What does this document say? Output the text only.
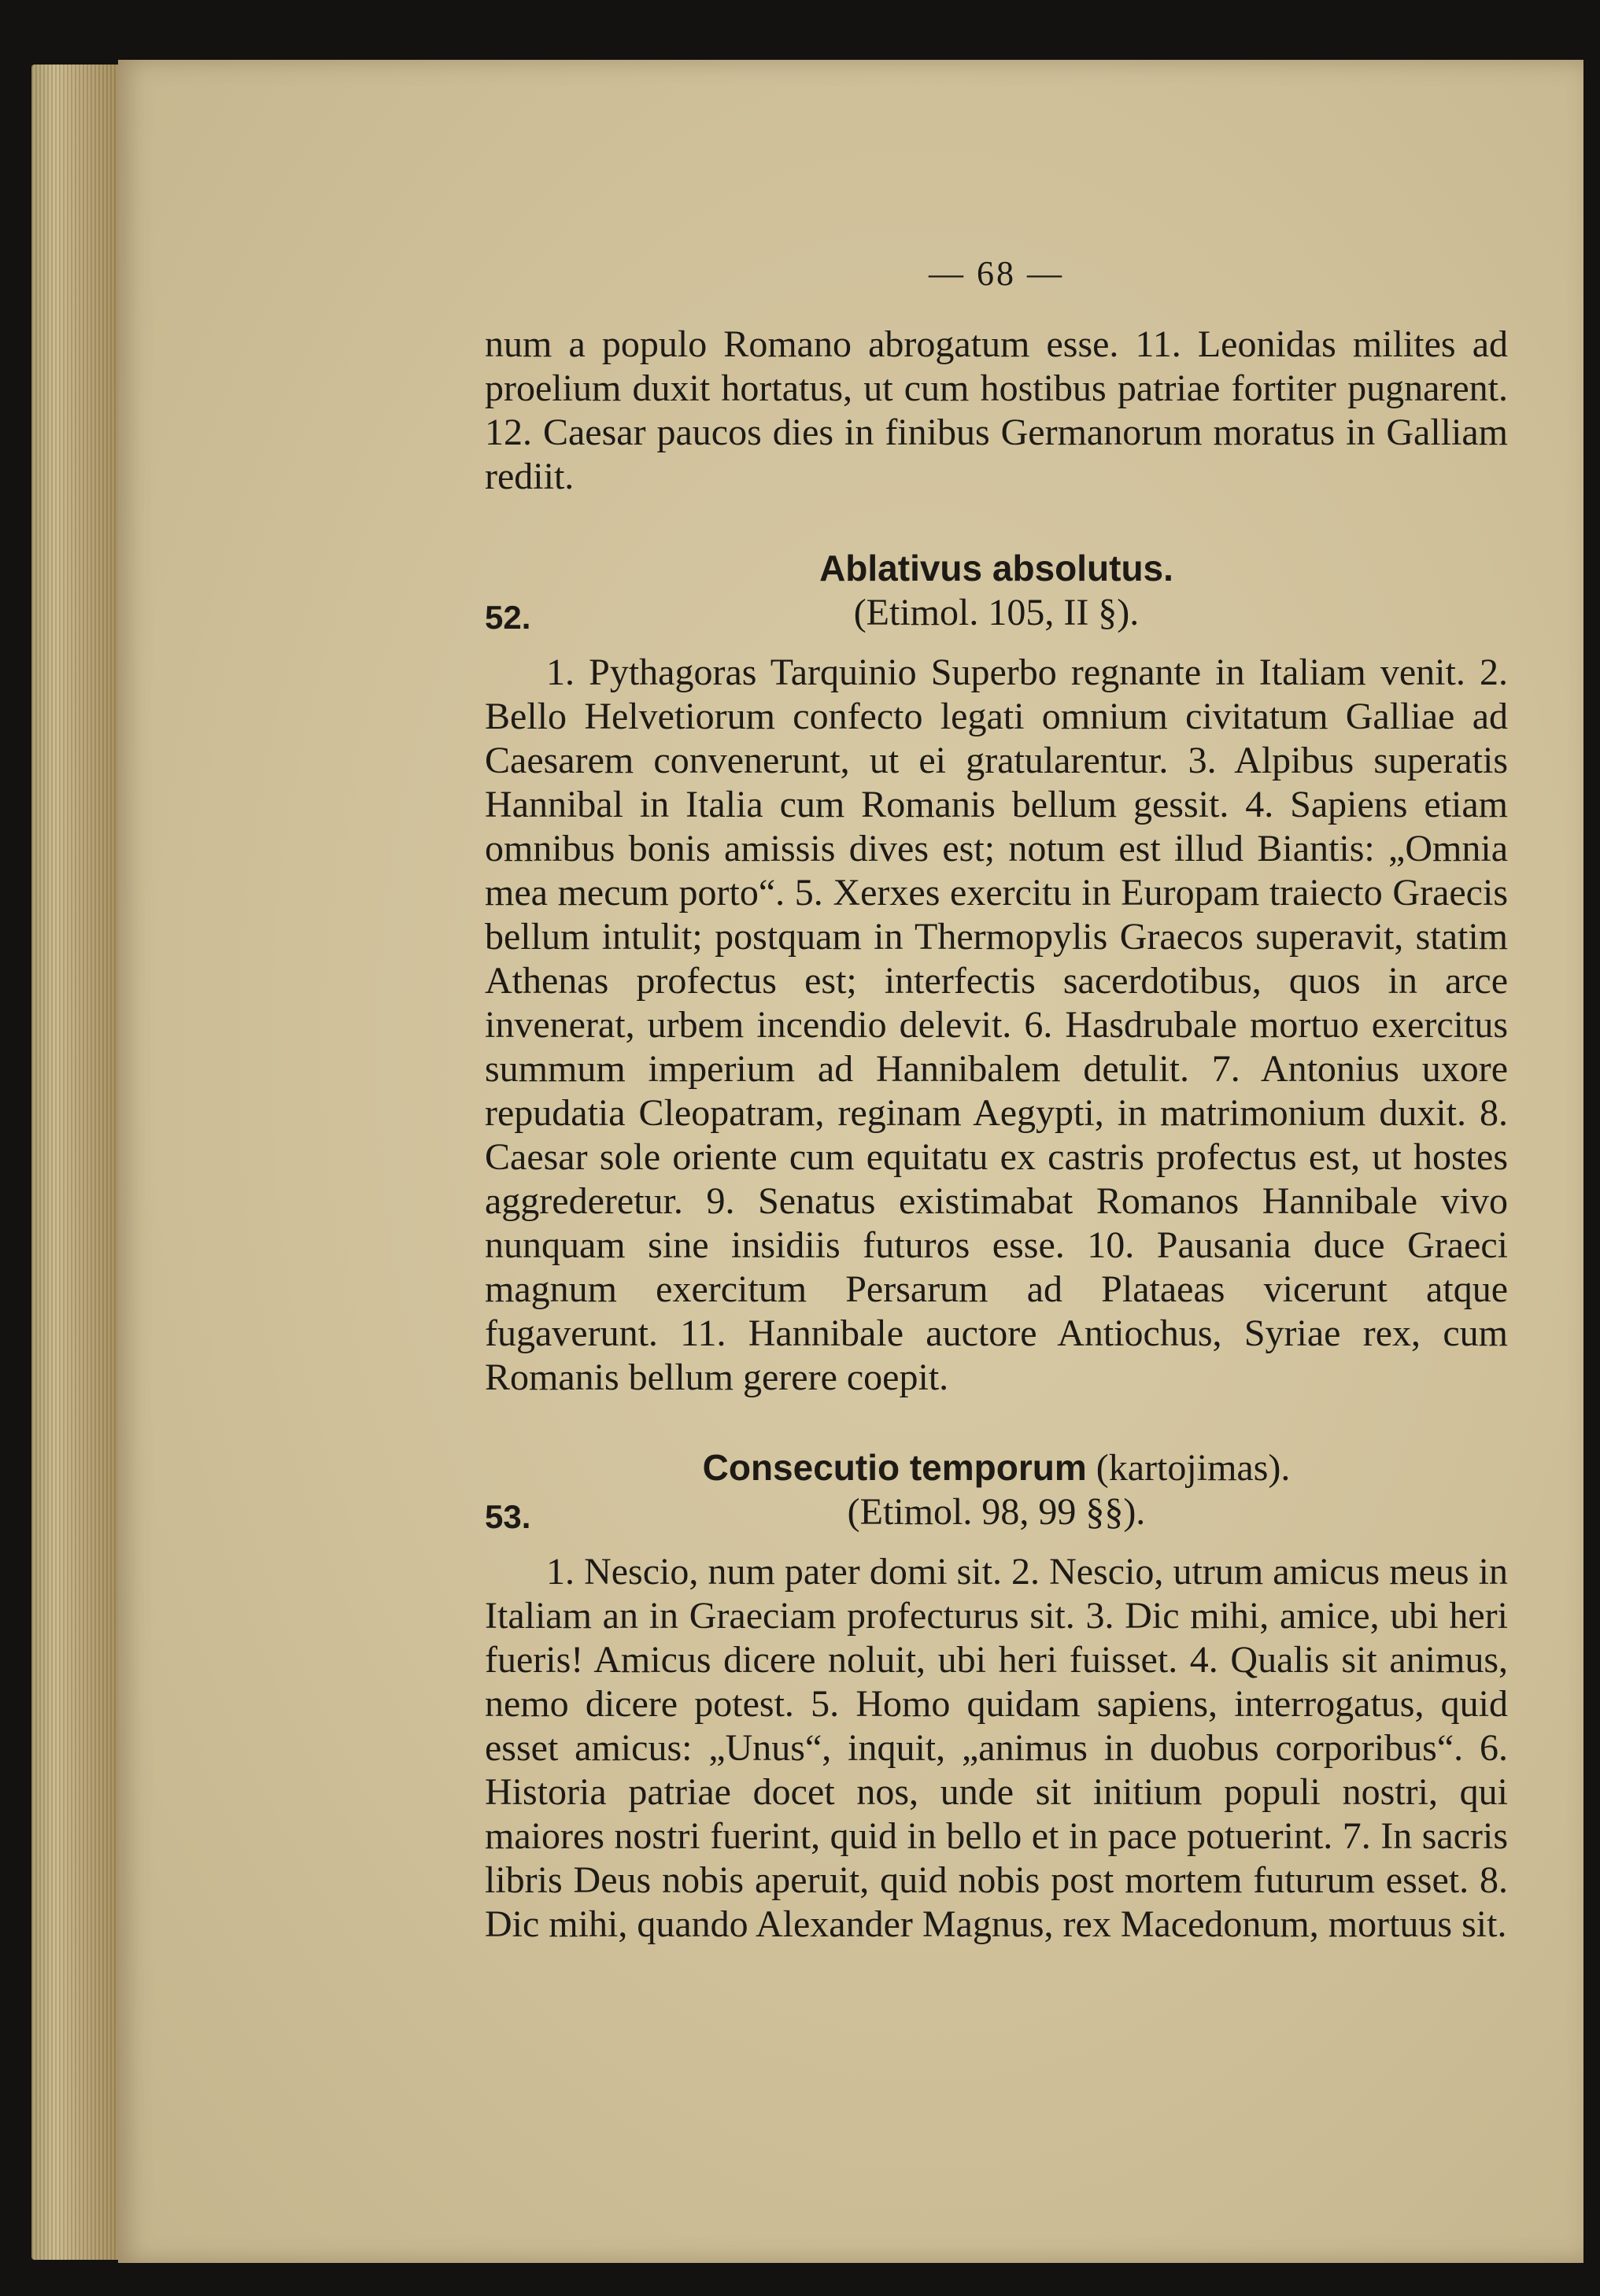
— 68 —

num a populo Romano abrogatum esse. 11. Leonidas milites ad proelium duxit hortatus, ut cum hostibus patriae fortiter pugnarent. 12. Caesar paucos dies in finibus Germanorum moratus in Galliam rediit.

Ablativus absolutus.
52.	(Etimol. 105, II §).

1. Pythagoras Tarquinio Superbo regnante in Italiam venit. 2. Bello Helvetiorum confecto legati omnium civitatum Galliae ad Caesarem convenerunt, ut ei gratularentur. 3. Alpibus superatis Hannibal in Italia cum Romanis bellum gessit. 4. Sapiens etiam omnibus bonis amissis dives est; notum est illud Biantis: „Omnia mea mecum porto“. 5. Xerxes exercitu in Europam traiecto Graecis bellum intulit; postquam in Thermopylis Graecos superavit, statim Athenas profectus est; interfectis sacerdotibus, quos in arce invenerat, urbem incendio delevit. 6. Hasdrubale mortuo exercitus summum imperium ad Hannibalem detulit. 7. Antonius uxore repudatia Cleopatram, reginam Aegypti, in matrimonium duxit. 8. Caesar sole oriente cum equitatu ex castris profectus est, ut hostes aggrederetur. 9. Senatus existimabat Romanos Hannibale vivo nunquam sine insidiis futuros esse. 10. Pausania duce Graeci magnum exercitum Persarum ad Plataeas vicerunt atque fugaverunt. 11. Hannibale auctore Antiochus, Syriae rex, cum Romanis bellum gerere coepit.

Consecutio temporum (kartojimas).
53.	(Etimol. 98, 99 §§).

1. Nescio, num pater domi sit. 2. Nescio, utrum amicus meus in Italiam an in Graeciam profecturus sit. 3. Dic mihi, amice, ubi heri fueris! Amicus dicere noluit, ubi heri fuisset. 4. Qualis sit animus, nemo dicere potest. 5. Homo quidam sapiens, interrogatus, quid esset amicus: „Unus“, inquit, „animus in duobus corporibus“. 6. Historia patriae docet nos, unde sit initium populi nostri, qui maiores nostri fuerint, quid in bello et in pace potuerint. 7. In sacris libris Deus nobis aperuit, quid nobis post mortem futurum esset. 8. Dic mihi, quando Alexander Magnus, rex Macedonum, mortuus sit.
